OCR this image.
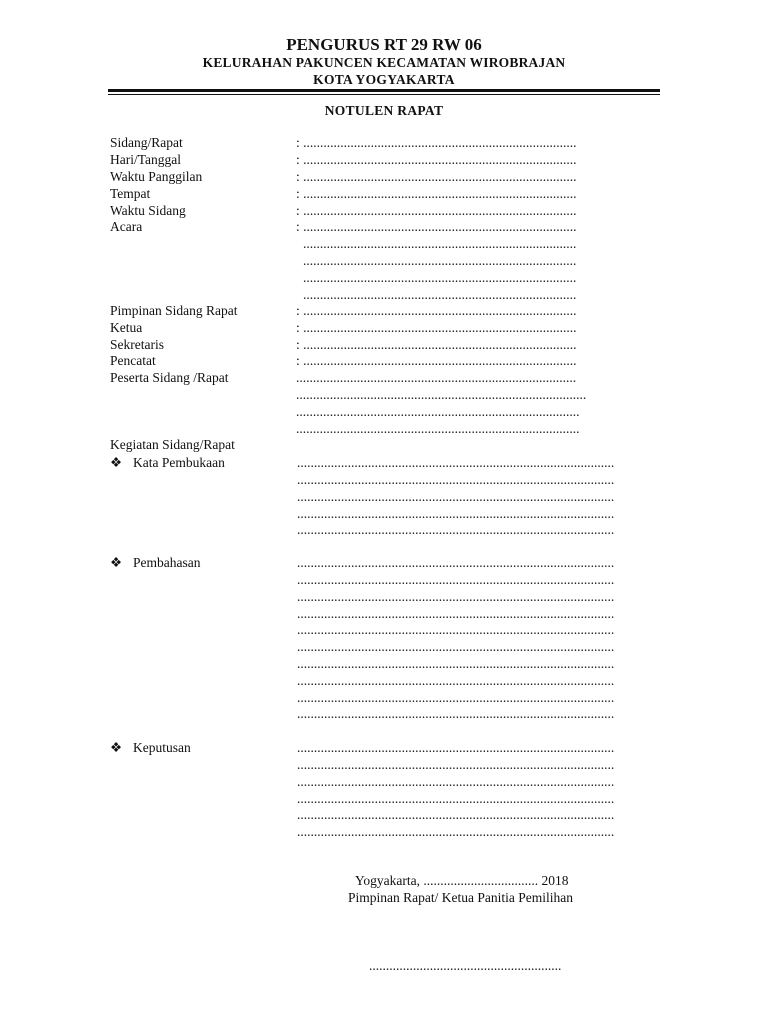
PENGURUS RT 29 RW 06
KELURAHAN PAKUNCEN KECAMATAN WIROBRAJAN
KOTA YOGYAKARTA
NOTULEN RAPAT
Sidang/Rapat	: .................................................................................
Hari/Tanggal	: .................................................................................
Waktu Panggilan	: .................................................................................
Tempat	: .................................................................................
Waktu Sidang	: .................................................................................
Acara	: .................................................................................
.................................................................................
.................................................................................
.................................................................................
.................................................................................
Pimpinan Sidang Rapat	: .................................................................................
Ketua	: .................................................................................
Sekretaris	: .................................................................................
Pencatat	: .................................................................................
Peserta Sidang /Rapat	...................................................................................
......................................................................................
....................................................................................
....................................................................................
Kegiatan Sidang/Rapat
❖ Kata Pembukaan	..............................................................................................
..............................................................................................
..............................................................................................
..............................................................................................
..............................................................................................
❖ Pembahasan	..............................................................................................
..............................................................................................
..............................................................................................
..............................................................................................
..............................................................................................
..............................................................................................
..............................................................................................
..............................................................................................
..............................................................................................
..............................................................................................
❖ Keputusan	..............................................................................................
..............................................................................................
..............................................................................................
..............................................................................................
..............................................................................................
..............................................................................................
Yogyakarta, .................................. 2018
Pimpinan Rapat/ Ketua Panitia Pemilihan
.........................................................
